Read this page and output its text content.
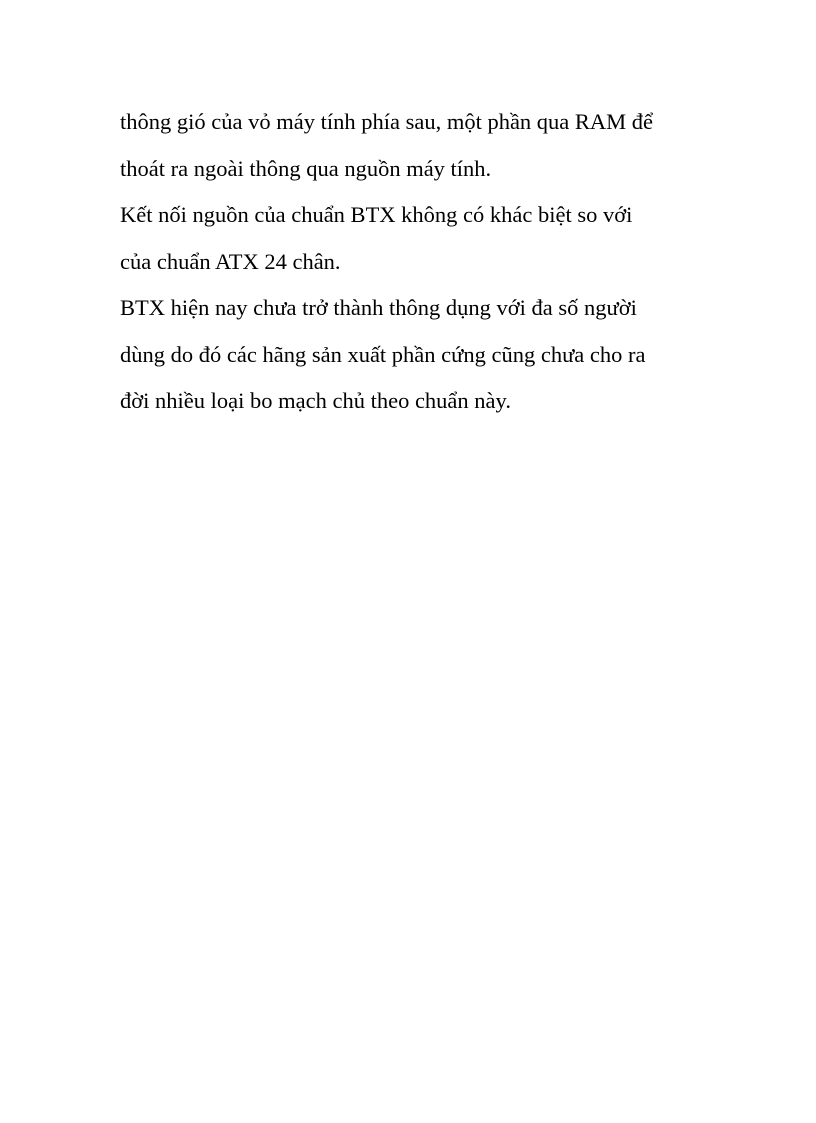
thông gió của vỏ máy tính phía sau, một phần qua RAM để
thoát ra ngoài thông qua nguồn máy tính.
Kết nối nguồn của chuẩn BTX không có khác biệt so với
của chuẩn ATX 24 chân.
BTX hiện nay chưa trở thành thông dụng với đa số người
dùng do đó các hãng sản xuất phần cứng cũng chưa cho ra
đời nhiều loại bo mạch chủ theo chuẩn này.
